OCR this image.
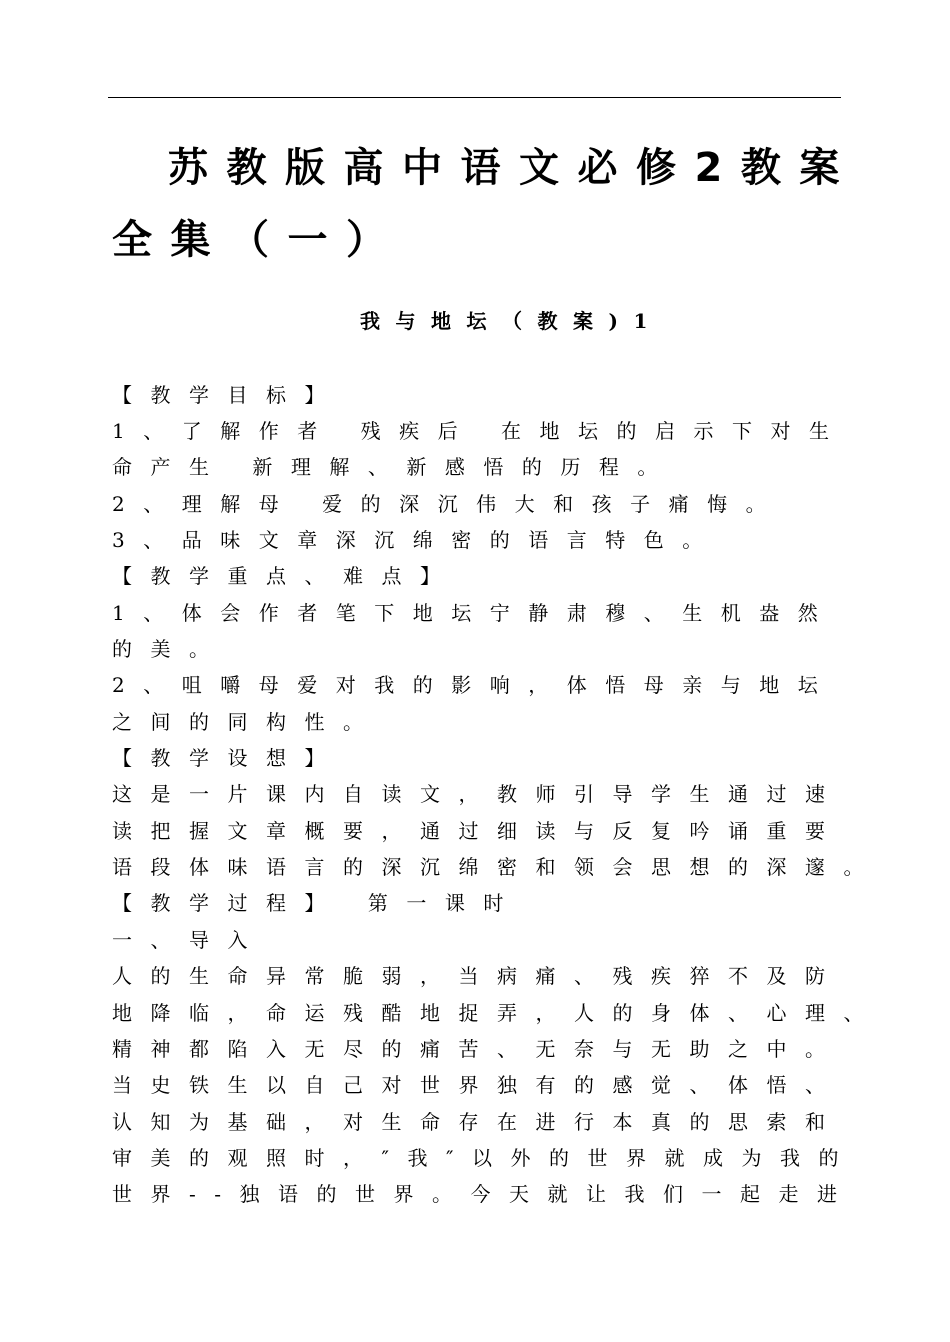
苏教版高中语文必修2教案
全集（一）
我与地坛（教案)1
【教学目标】
1、了解作者 残疾后 在地坛的启示下对生
命产生 新理解、新感悟的历程。
2、理解母 爱的深沉伟大和孩子痛悔。
3、品味文章深沉绵密的语言特色。
【教学重点、难点】
1、体会作者笔下地坛宁静肃穆、生机盎然
的美。
2、咀嚼母爱对我的影响，体悟母亲与地坛
之间的同构性。
【教学设想】
这是一片课内自读文，教师引导学生通过速
读把握文章概要，通过细读与反复吟诵重要
语段体味语言的深沉绵密和领会思想的深邃。
【教学过程】 第一课时
一、导入
人的生命异常脆弱，当病痛、残疾猝不及防
地降临，命运残酷地捉弄，人的身体、心理、
精神都陷入无尽的痛苦、无奈与无助之中。
当史铁生以自己对世界独有的感觉、体悟、
认知为基础，对生命存在进行本真的思索和
审美的观照时，″我″以外的世界就成为我的
世界--独语的世界。今天就让我们一起走进
